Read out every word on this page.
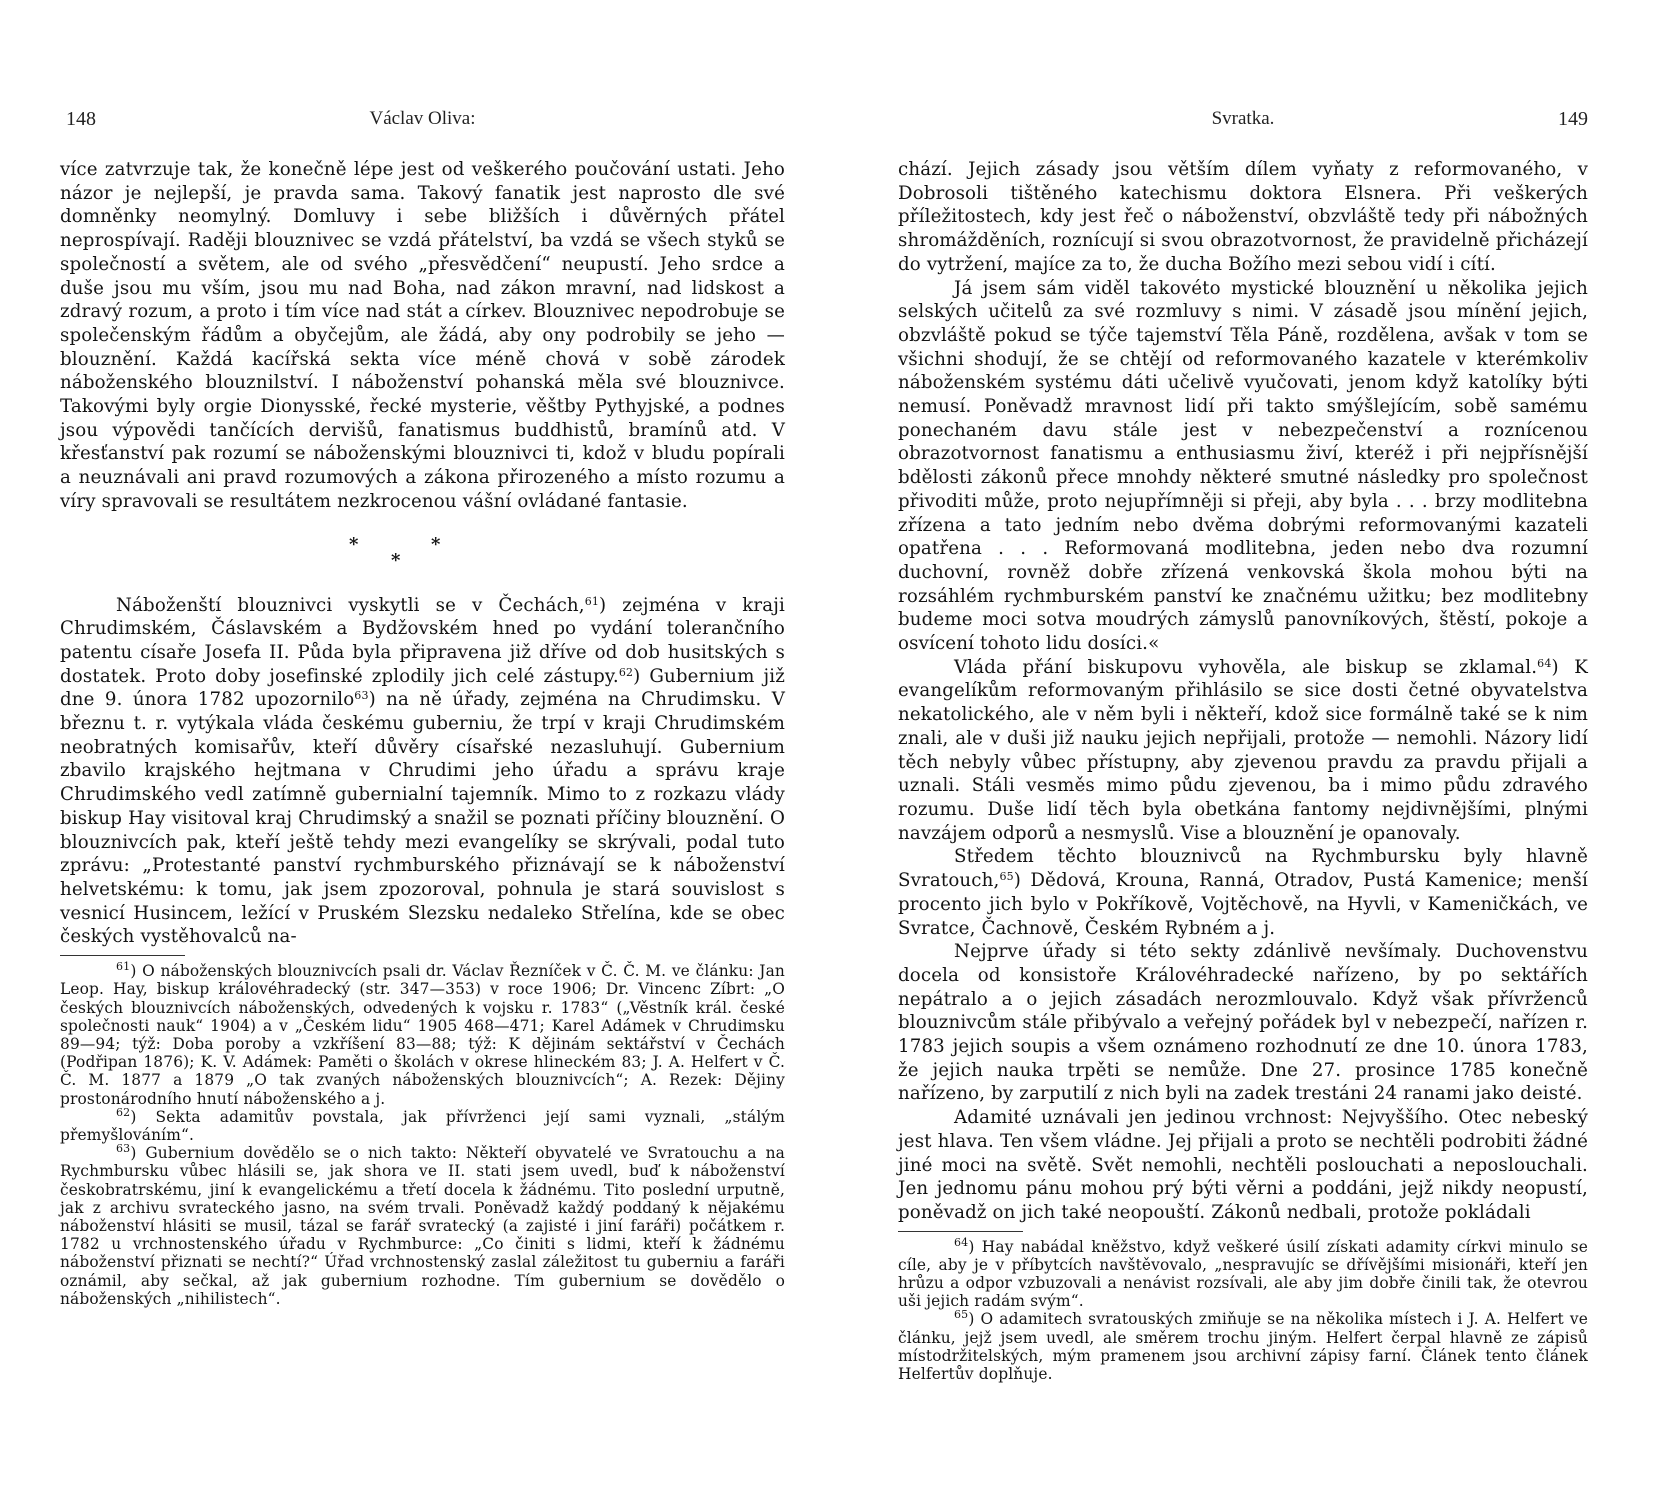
148	Václav Oliva:

více zatvrzuje tak, že konečně lépe jest od veškerého poučování ustati. Jeho názor je nejlepší, je pravda sama. Takový fanatik jest naprosto dle své domněnky neomylný. Domluvy i sebe bližších i důvěrných přátel neprospívají. Raději blouznivec se vzdá přátelství, ba vzdá se všech styků se společností a světem, ale od svého „přesvědčení“ neupustí. Jeho srdce a duše jsou mu vším, jsou mu nad Boha, nad zákon mravní, nad lidskost a zdravý rozum, a proto i tím více nad stát a církev. Blouznivec nepodrobuje se společenským řádům a obyčejům, ale žádá, aby ony podrobily se jeho — blouznění. Každá kacířská sekta více méně chová v sobě zárodek náboženského blouznilství. I náboženství pohanská měla své blouznivce. Takovými byly orgie Dionysské, řecké mysterie, věštby Pythyjské, a podnes jsou výpovědi tančících dervišů, fanatismus buddhistů, bramínů atd. V křesťanství pak rozumí se náboženskými blouznivci ti, kdož v bludu popírali a neuznávali ani pravd rozumových a zákona přirozeného a místo rozumu a víry spravovali se resultátem nezkrocenou vášní ovládané fantasie.

*	*
*

Náboženští blouznivci vyskytli se v Čechách,$^{61}$) zejména v kraji Chrudimském, Čáslavském a Bydžovském hned po vydání tolerančního patentu císaře Josefa II. Půda byla připravena již dříve od dob husitských s dostatek. Proto doby josefinské zplodily jich celé zástupy.$^{62}$) Gubernium již dne 9. února 1782 upozornilo$^{63}$) na ně úřady, zejména na Chrudimsku. V březnu t. r. vytýkala vláda českému guberniu, že trpí v kraji Chrudimském neobratných komisařův, kteří důvěry císařské nezasluhují. Gubernium zbavilo krajského hejtmana v Chrudimi jeho úřadu a správu kraje Chrudimského vedl zatímně gubernialní tajemník. Mimo to z rozkazu vlády biskup Hay visitoval kraj Chrudimský a snažil se poznati příčiny blouznění. O blouznivcích pak, kteří ještě tehdy mezi evangelíky se skrývali, podal tuto zprávu: „Protestanté panství rychmburského přiznávají se k náboženství helvetskému: k tomu, jak jsem zpozoroval, pohnula je stará souvislost s vesnicí Husincem, ležící v Pruském Slezsku nedaleko Střelína, kde se obec českých vystěhovalců na-

$^{61}$) O náboženských blouznivcích psali dr. Václav Řezníček v Č. Č. M. ve článku: Jan Leop. Hay, biskup královéhradecký (str. 347—353) v roce 1906; Dr. Vincenc Zíbrt: „O českých blouznivcích náboženských, odvedených k vojsku r. 1783“ („Věstník král. české společnosti nauk“ 1904) a v „Českém lidu“ 1905 468—471; Karel Adámek v Chrudimsku 89—94; týž: Doba poroby a vzkříšení 83—88; týž: K dějinám sektářství v Čechách (Podřipan 1876); K. V. Adámek: Paměti o školách v okrese hlineckém 83; J. A. Helfert v Č. Č. M. 1877 a 1879 „O tak zvaných náboženských blouznivcích“; A. Rezek: Dějiny prostonárodního hnutí náboženského a j.

$^{62}$) Sekta adamitův povstala, jak přívrženci její sami vyznali, „stálým přemyšlováním“.

$^{63}$) Gubernium dovědělo se o nich takto: Někteří obyvatelé ve Svratouchu a na Rychmbursku vůbec hlásili se, jak shora ve II. stati jsem uvedl, buď k náboženství českobratrskému, jiní k evangelickému a třetí docela k žádnému. Tito poslední urputně, jak z archivu svrateckého jasno, na svém trvali. Poněvadž každý poddaný k nějakému náboženství hlásiti se musil, tázal se farář svratecký (a zajisté i jiní faráři) počátkem r. 1782 u vrchnostenského úřadu v Rychmburce: „Co činiti s lidmi, kteří k žádnému náboženství přiznati se nechtí?“ Úřad vrchnostenský zaslal záležitost tu guberniu a faráři oznámil, aby sečkal, až jak gubernium rozhodne. Tím gubernium se dovědělo o náboženských „nihilistech“.

Svratka.	149

chází. Jejich zásady jsou větším dílem vyňaty z reformovaného, v Dobrosoli tištěného katechismu doktora Elsnera. Při veškerých příležitostech, kdy jest řeč o náboženství, obzvláště tedy při nábožných shromážděních, roznícují si svou obrazotvornost, že pravidelně přicházejí do vytržení, majíce za to, že ducha Božího mezi sebou vidí i cítí.

Já jsem sám viděl takovéto mystické blouznění u několika jejich selských učitelů za své rozmluvy s nimi. V zásadě jsou mínění jejich, obzvláště pokud se týče tajemství Těla Páně, rozdělena, avšak v tom se všichni shodují, že se chtějí od reformovaného kazatele v kterémkoliv náboženském systému dáti učelivě vyučovati, jenom když katolíky býti nemusí. Poněvadž mravnost lidí při takto smýšlejícím, sobě samému ponechaném davu stále jest v nebezpečenství a roznícenou obrazotvornost fanatismu a enthusiasmu živí, kteréž i při nejpřísnější bdělosti zákonů přece mnohdy některé smutné následky pro společnost přivoditi může, proto nejupřímněji si přeji, aby byla . . . brzy modlitebna zřízena a tato jedním nebo dvěma dobrými reformovanými kazateli opatřena . . . Reformovaná modlitebna, jeden nebo dva rozumní duchovní, rovněž dobře zřízená venkovská škola mohou býti na rozsáhlém rychmburském panství ke značnému užitku; bez modlitebny budeme moci sotva moudrých zámyslů panovníkových, štěstí, pokoje a osvícení tohoto lidu dosíci.«

Vláda přání biskupovu vyhověla, ale biskup se zklamal.$^{64}$) K evangelíkům reformovaným přihlásilo se sice dosti četné obyvatelstva nekatolického, ale v něm byli i někteří, kdož sice formálně také se k nim znali, ale v duši již nauku jejich nepřijali, protože — nemohli. Názory lidí těch nebyly vůbec přístupny, aby zjevenou pravdu za pravdu přijali a uznali. Stáli vesměs mimo půdu zjevenou, ba i mimo půdu zdravého rozumu. Duše lidí těch byla obetkána fantomy nejdivnějšími, plnými navzájem odporů a nesmyslů. Vise a blouznění je opanovaly.

Středem těchto blouznivců na Rychmbursku byly hlavně Svratouch,$^{65}$) Dědová, Krouna, Ranná, Otradov, Pustá Kamenice; menší procento jich bylo v Pokříkově, Vojtěchově, na Hyvli, v Kameničkách, ve Svratce, Čachnově, Českém Rybném a j.

Nejprve úřady si této sekty zdánlivě nevšímaly. Duchovenstvu docela od konsistoře Královéhradecké nařízeno, by po sektářích nepátralo a o jejich zásadách nerozmlouvalo. Když však přívrženců blouznivcům stále přibývalo a veřejný pořádek byl v nebezpečí, nařízen r. 1783 jejich soupis a všem oznámeno rozhodnutí ze dne 10. února 1783, že jejich nauka trpěti se nemůže. Dne 27. prosince 1785 konečně nařízeno, by zarputilí z nich byli na zadek trestáni 24 ranami jako deisté.

Adamité uznávali jen jedinou vrchnost: Nejvyššího. Otec nebeský jest hlava. Ten všem vládne. Jej přijali a proto se nechtěli podrobiti žádné jiné moci na světě. Svět nemohli, nechtěli poslouchati a neposlouchali. Jen jednomu pánu mohou prý býti věrni a poddáni, jejž nikdy neopustí, poněvadž on jich také neopouští. Zákonů nedbali, protože pokládali

$^{64}$) Hay nabádal kněžstvo, když veškeré úsilí získati adamity církvi minulo se cíle, aby je v příbytcích navštěvovalo, „nespravujíc se dřívějšími misionáři, kteří jen hrůzu a odpor vzbuzovali a nenávist rozsívali, ale aby jim dobře činili tak, že otevrou uši jejich radám svým“.

$^{65}$) O adamitech svratouských zmiňuje se na několika místech i J. A. Helfert ve článku, jejž jsem uvedl, ale směrem trochu jiným. Helfert čerpal hlavně ze zápisů místodržitelských, mým pramenem jsou archivní zápisy farní. Článek tento článek Helfertův doplňuje.
